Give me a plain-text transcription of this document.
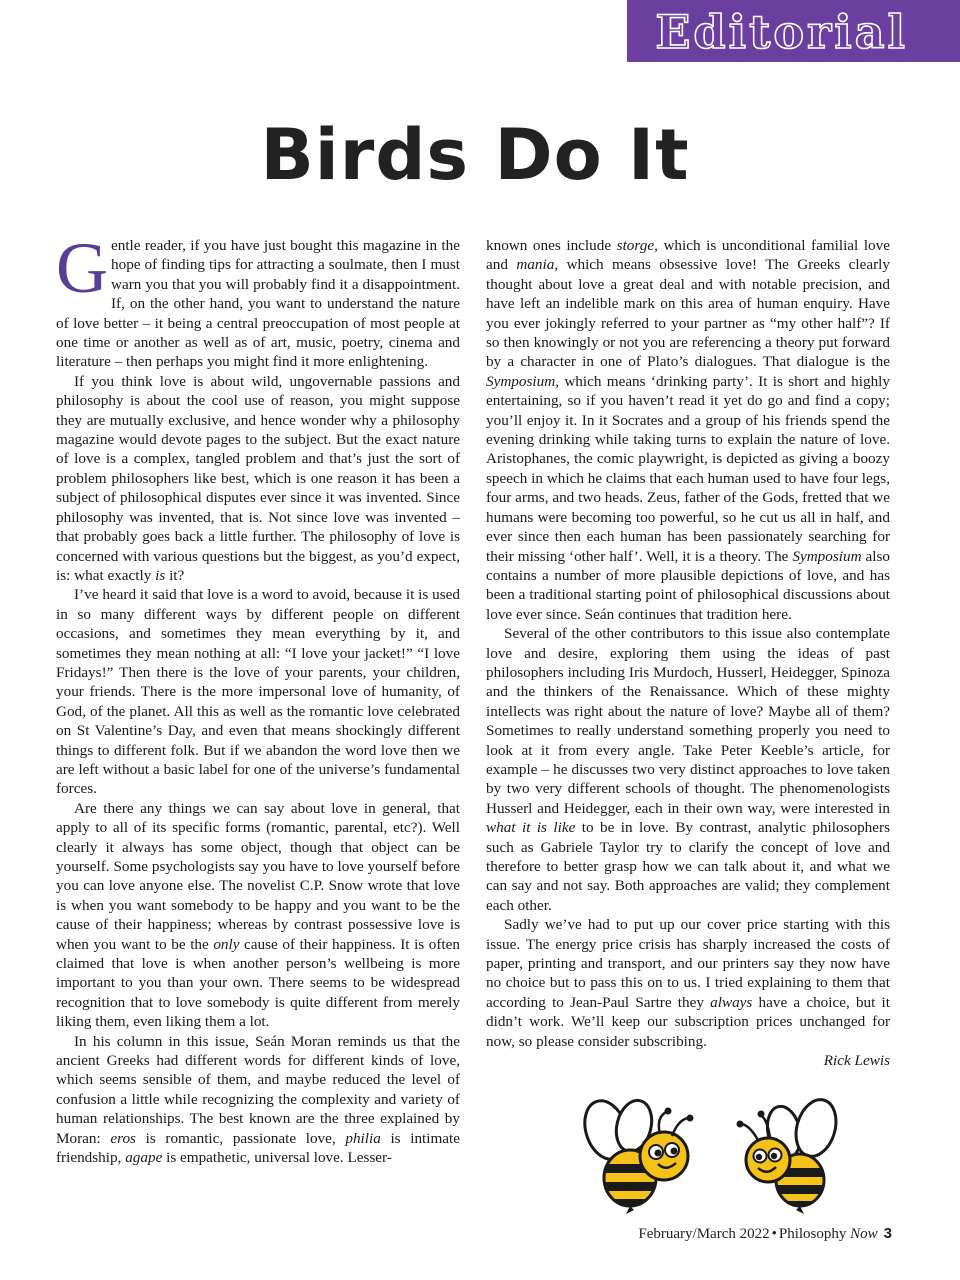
Editorial
Birds Do It

Gentle reader, if you have just bought this magazine in the hope of finding tips for attracting a soulmate, then I must warn you that you will probably find it a disappointment. If, on the other hand, you want to understand the nature of love better – it being a central preoccupation of most people at one time or another as well as of art, music, poetry, cinema and literature – then perhaps you might find it more enlightening.

If you think love is about wild, ungovernable passions and philosophy is about the cool use of reason, you might suppose they are mutually exclusive, and hence wonder why a philosophy magazine would devote pages to the subject. But the exact nature of love is a complex, tangled problem and that’s just the sort of problem philosophers like best, which is one reason it has been a subject of philosophical disputes ever since it was invented. Since philosophy was invented, that is. Not since love was invented – that probably goes back a little further. The philosophy of love is concerned with various questions but the biggest, as you’d expect, is: what exactly is it?

I’ve heard it said that love is a word to avoid, because it is used in so many different ways by different people on different occasions, and sometimes they mean everything by it, and sometimes they mean nothing at all: “I love your jacket!” “I love Fridays!” Then there is the love of your parents, your children, your friends. There is the more impersonal love of humanity, of God, of the planet. All this as well as the romantic love celebrated on St Valentine’s Day, and even that means shockingly different things to different folk. But if we abandon the word love then we are left without a basic label for one of the universe’s fundamental forces.

Are there any things we can say about love in general, that apply to all of its specific forms (romantic, parental, etc?). Well clearly it always has some object, though that object can be yourself. Some psychologists say you have to love yourself before you can love anyone else. The novelist C.P. Snow wrote that love is when you want somebody to be happy and you want to be the cause of their happiness; whereas by contrast possessive love is when you want to be the only cause of their happiness. It is often claimed that love is when another person’s wellbeing is more important to you than your own. There seems to be widespread recognition that to love somebody is quite different from merely liking them, even liking them a lot.

In his column in this issue, Seán Moran reminds us that the ancient Greeks had different words for different kinds of love, which seems sensible of them, and maybe reduced the level of confusion a little while recognizing the complexity and variety of human relationships. The best known are the three explained by Moran: eros is romantic, passionate love, philia is intimate friendship, agape is empathetic, universal love. Lesser-

known ones include storge, which is unconditional familial love and mania, which means obsessive love! The Greeks clearly thought about love a great deal and with notable precision, and have left an indelible mark on this area of human enquiry. Have you ever jokingly referred to your partner as “my other half”? If so then knowingly or not you are referencing a theory put forward by a character in one of Plato’s dialogues. That dialogue is the Symposium, which means ‘drinking party’. It is short and highly entertaining, so if you haven’t read it yet do go and find a copy; you’ll enjoy it. In it Socrates and a group of his friends spend the evening drinking while taking turns to explain the nature of love. Aristophanes, the comic playwright, is depicted as giving a boozy speech in which he claims that each human used to have four legs, four arms, and two heads. Zeus, father of the Gods, fretted that we humans were becoming too powerful, so he cut us all in half, and ever since then each human has been passionately searching for their missing ‘other half’. Well, it is a theory. The Symposium also contains a number of more plausible depictions of love, and has been a traditional starting point of philosophical discussions about love ever since. Seán continues that tradition here.

Several of the other contributors to this issue also contemplate love and desire, exploring them using the ideas of past philosophers including Iris Murdoch, Husserl, Heidegger, Spinoza and the thinkers of the Renaissance. Which of these mighty intellects was right about the nature of love? Maybe all of them? Sometimes to really understand something properly you need to look at it from every angle. Take Peter Keeble’s article, for example – he discusses two very distinct approaches to love taken by two very different schools of thought. The phenomenologists Husserl and Heidegger, each in their own way, were interested in what it is like to be in love. By contrast, analytic philosophers such as Gabriele Taylor try to clarify the concept of love and therefore to better grasp how we can talk about it, and what we can say and not say. Both approaches are valid; they complement each other.

Sadly we’ve had to put up our cover price starting with this issue. The energy price crisis has sharply increased the costs of paper, printing and transport, and our printers say they now have no choice but to pass this on to us. I tried explaining to them that according to Jean-Paul Sartre they always have a choice, but it didn’t work. We’ll keep our subscription prices unchanged for now, so please consider subscribing.

Rick Lewis

February/March 2022 • Philosophy Now 3
